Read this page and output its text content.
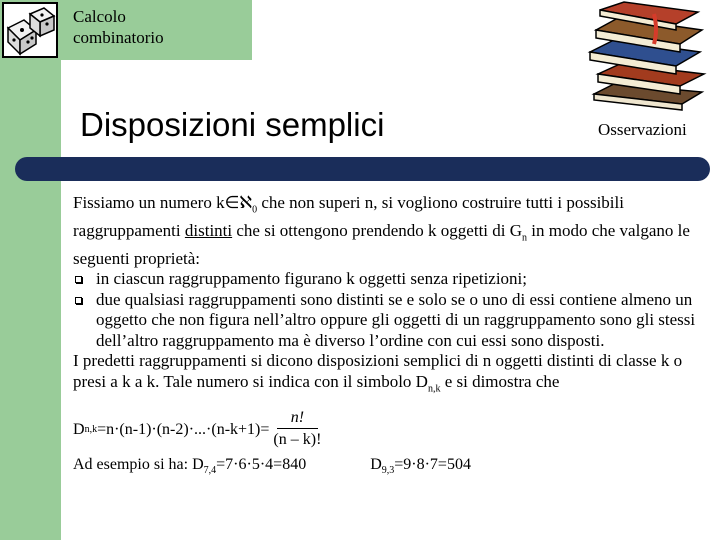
Calcolo
combinatorio
Disposizioni semplici	Osservazioni

Fissiamo un numero k∈ℵ$_0$ che non superi n, si vogliono costruire tutti i possibili raggruppamenti distinti che si ottengono prendendo k oggetti di $G_n$ in modo che valgano le seguenti proprietà:

in ciascun raggruppamento figurano k oggetti senza ripetizioni;

due qualsiasi raggruppamenti sono distinti se e solo se o uno di essi contiene almeno un oggetto che non figura nell’altro oppure gli oggetti di un raggruppamento sono gli stessi dell’altro raggruppamento ma è diverso l’ordine con cui essi sono disposti.

I predetti raggruppamenti si dicono disposizioni semplici di n oggetti distinti di classe k o presi a k a k. Tale numero si indica con il simbolo $D_{n,k}$ e si dimostra che

D $n,k =n\cdot(n-1)\cdot(n-2)\cdot...\cdot(n-k+1)= \frac{n!}{(n - k)!}$
Ad esempio si ha: $D_{7,4}=7\cdot 6\cdot 5\cdot 4=840$	$D_{9,3}=9\cdot 8\cdot 7=504$
